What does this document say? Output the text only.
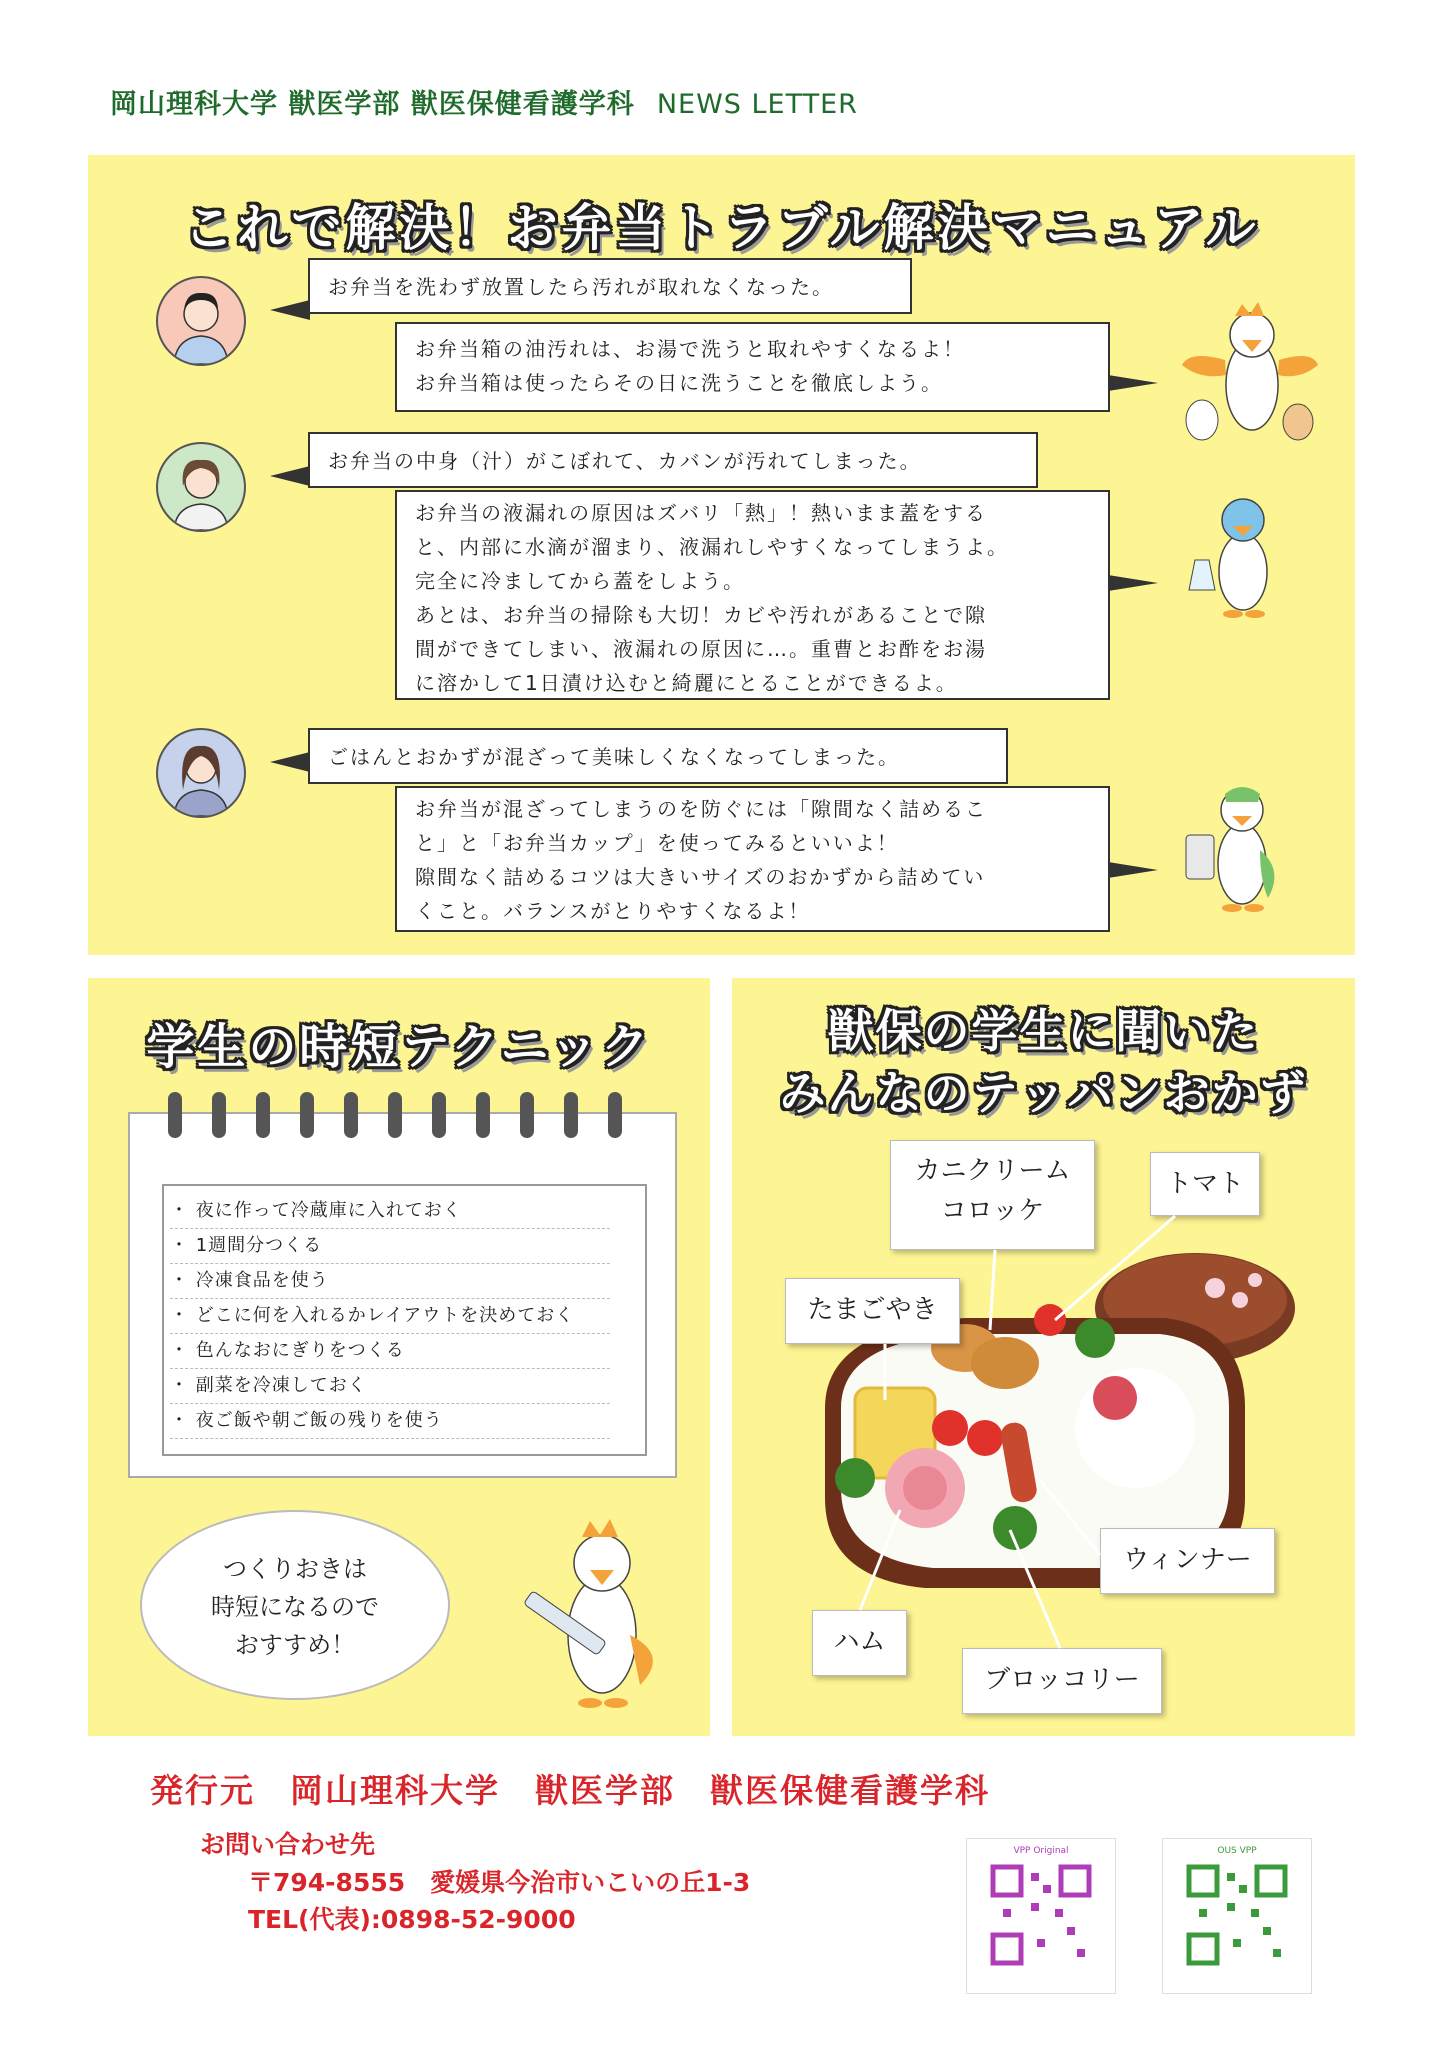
岡山理科大学 獣医学部 獣医保健看護学科 NEWS LETTER
これで解決！お弁当トラブル解決マニュアル
お弁当を洗わず放置したら汚れが取れなくなった。
お弁当箱の油汚れは、お湯で洗うと取れやすくなるよ！
お弁当箱は使ったらその日に洗うことを徹底しよう。
お弁当の中身（汁）がこぼれて、カバンが汚れてしまった。
お弁当の液漏れの原因はズバリ「熱」！熱いまま蓋をする
と、内部に水滴が溜まり、液漏れしやすくなってしまうよ。
完全に冷ましてから蓋をしよう。
あとは、お弁当の掃除も大切！カビや汚れがあることで隙
間ができてしまい、液漏れの原因に…。重曹とお酢をお湯
に溶かして1日漬け込むと綺麗にとることができるよ。
ごはんとおかずが混ざって美味しくなくなってしまった。
お弁当が混ざってしまうのを防ぐには「隙間なく詰めるこ
と」と「お弁当カップ」を使ってみるといいよ！
隙間なく詰めるコツは大きいサイズのおかずから詰めてい
くこと。バランスがとりやすくなるよ！
学生の時短テクニック
・ 夜に作って冷蔵庫に入れておく
・ 1週間分つくる
・ 冷凍食品を使う
・ どこに何を入れるかレイアウトを決めておく
・ 色んなおにぎりをつくる
・ 副菜を冷凍しておく
・ 夜ご飯や朝ご飯の残りを使う
つくりおきは
時短になるので
おすすめ！
獣保の学生に聞いた
みんなのテッパンおかず
カニクリーム
コロッケ
トマト
たまごやき
ウィンナー
ハム
ブロッコリー
発行元　岡山理科大学　獣医学部　獣医保健看護学科
お問い合わせ先
〒794-8555　愛媛県今治市いこいの丘1-3
TEL(代表):0898-52-9000
VPP Original	OUS VPP
